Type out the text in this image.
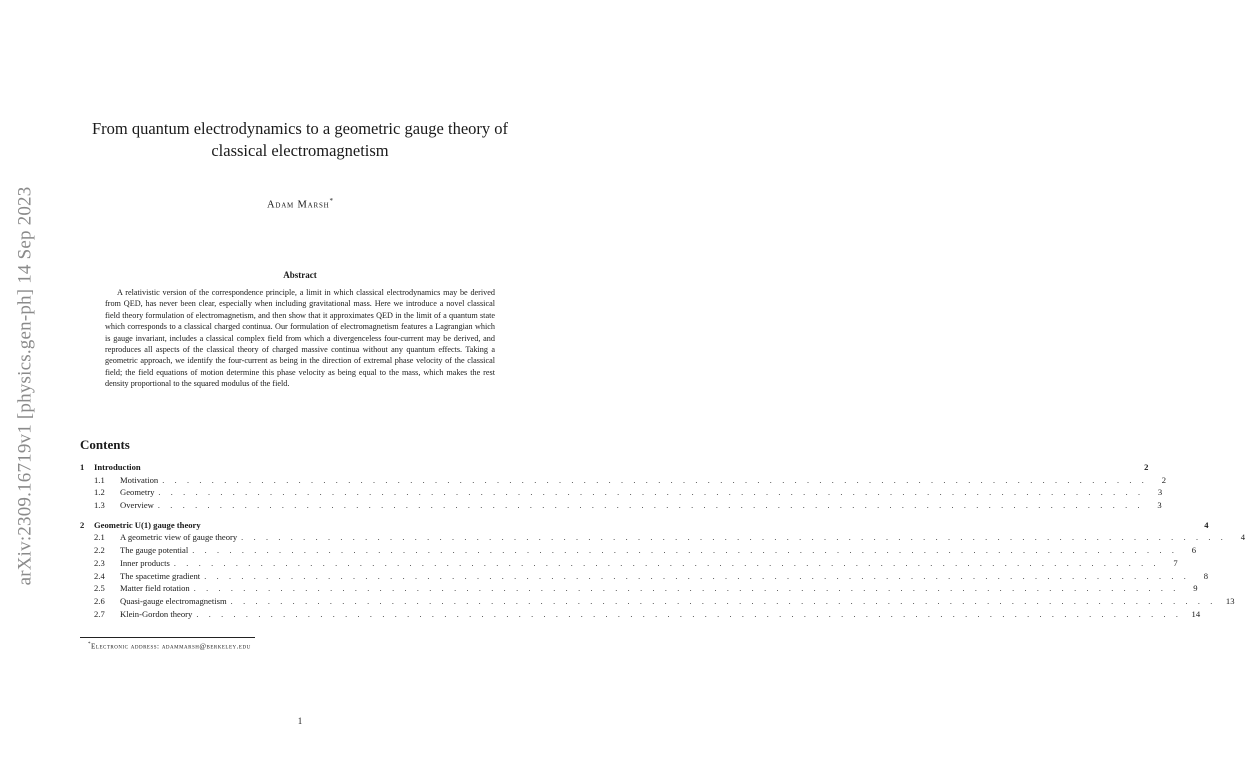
arXiv:2309.16719v1 [physics.gen-ph] 14 Sep 2023
From quantum electrodynamics to a geometric gauge theory of classical electromagnetism
Adam Marsh*
Abstract
A relativistic version of the correspondence principle, a limit in which classical electrodynamics may be derived from QED, has never been clear, especially when including gravitational mass. Here we introduce a novel classical field theory formulation of electromagnetism, and then show that it approximates QED in the limit of a quantum state which corresponds to a classical charged continua. Our formulation of electromagnetism features a Lagrangian which is gauge invariant, includes a classical complex field from which a divergenceless four-current may be derived, and reproduces all aspects of the classical theory of charged massive continua without any quantum effects. Taking a geometric approach, we identify the four-current as being in the direction of extremal phase velocity of the classical field; the field equations of motion determine this phase velocity as being equal to the mass, which makes the rest density proportional to the squared modulus of the field.
Contents
1	Introduction	2
1.1	Motivation . . . . . . . . . . . . . . . . . . . . . . . . . . . . . . . . . . . . . . . . . . . . . . . . . . . . . . . . . . . . . . . . . . . . . . . . . . . . . . . .	2
1.2	Geometry . . . . . . . . . . . . . . . . . . . . . . . . . . . . . . . . . . . . . . . . . . . . . . . . . . . . . . . . . . . . . . . . . . . . . . . . . . . . . . . .	3
1.3	Overview . . . . . . . . . . . . . . . . . . . . . . . . . . . . . . . . . . . . . . . . . . . . . . . . . . . . . . . . . . . . . . . . . . . . . . . . . . . . . . . .	3
2	Geometric U(1) gauge theory	4
2.1	A geometric view of gauge theory . . . . . . . . . . . . . . . . . . . . . . . . . . . . . . . . . . . . . . . . . . . . . . . . . . . . . . . . . . . . . . . . . . . . . . . . . . . . . . . .	4
2.2	The gauge potential . . . . . . . . . . . . . . . . . . . . . . . . . . . . . . . . . . . . . . . . . . . . . . . . . . . . . . . . . . . . . . . . . . . . . . . . . . . . . . . .	6
2.3	Inner products . . . . . . . . . . . . . . . . . . . . . . . . . . . . . . . . . . . . . . . . . . . . . . . . . . . . . . . . . . . . . . . . . . . . . . . . . . . . . . . .	7
2.4	The spacetime gradient . . . . . . . . . . . . . . . . . . . . . . . . . . . . . . . . . . . . . . . . . . . . . . . . . . . . . . . . . . . . . . . . . . . . . . . . . . . . . . . .	8
2.5	Matter field rotation . . . . . . . . . . . . . . . . . . . . . . . . . . . . . . . . . . . . . . . . . . . . . . . . . . . . . . . . . . . . . . . . . . . . . . . . . . . . . . . .	9
2.6	Quasi-gauge electromagnetism . . . . . . . . . . . . . . . . . . . . . . . . . . . . . . . . . . . . . . . . . . . . . . . . . . . . . . . . . . . . . . . . . . . . . . . . . . . . . . . .	13
2.7	Klein-Gordon theory . . . . . . . . . . . . . . . . . . . . . . . . . . . . . . . . . . . . . . . . . . . . . . . . . . . . . . . . . . . . . . . . . . . . . . . . . . . . . . . .	14
*Electronic address: adammarsh@berkeley.edu
1
